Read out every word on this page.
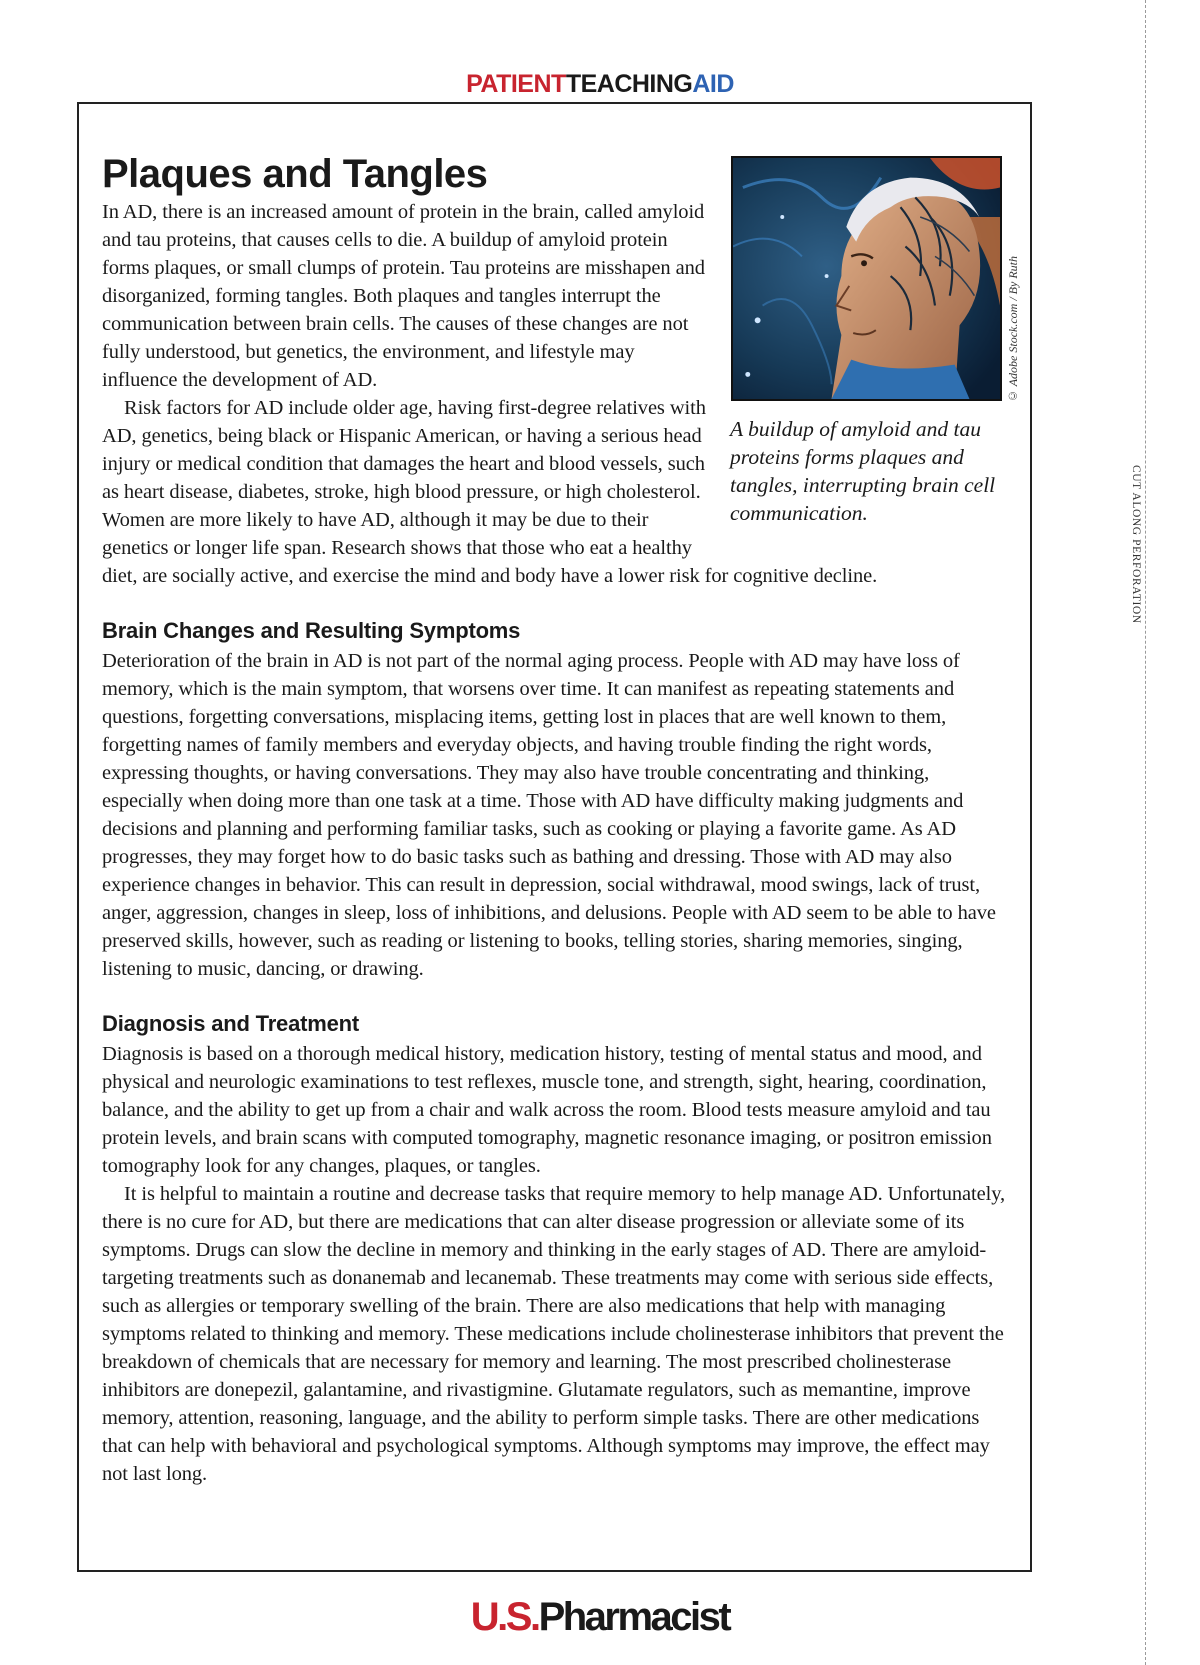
PATIENTTEACHINGAID
CUT ALONG PERFORATION
© Adobe Stock.com / By Ruth
A buildup of amyloid and tau proteins forms plaques and tangles, interrupting brain cell communication.
Plaques and Tangles

In AD, there is an increased amount of protein in the brain, called amyloid and tau proteins, that causes cells to die. A buildup of amyloid protein forms plaques, or small clumps of protein. Tau proteins are misshapen and disorganized, forming tangles. Both plaques and tangles interrupt the communication between brain cells. The causes of these changes are not fully understood, but genetics, the environment, and lifestyle may influence the development of AD.

Risk factors for AD include older age, having first-degree relatives with AD, genetics, being black or Hispanic American, or having a serious head injury or medical condition that damages the heart and blood vessels, such as heart disease, diabetes, stroke, high blood pressure, or high cholesterol. Women are more likely to have AD, although it may be due to their genetics or longer life span. Research shows that those who eat a healthy diet, are socially active, and exercise the mind and body have a lower risk for cognitive decline.

Brain Changes and Resulting Symptoms

Deterioration of the brain in AD is not part of the normal aging process. People with AD may have loss of memory, which is the main symptom, that worsens over time. It can manifest as repeating statements and questions, forgetting conversations, misplacing items, getting lost in places that are well known to them, forgetting names of family members and everyday objects, and having trouble finding the right words, expressing thoughts, or having conversations. They may also have trouble concentrating and thinking, especially when doing more than one task at a time. Those with AD have difficulty making judgments and decisions and planning and performing familiar tasks, such as cooking or playing a favorite game. As AD progresses, they may forget how to do basic tasks such as bathing and dressing. Those with AD may also experience changes in behavior. This can result in depression, social withdrawal, mood swings, lack of trust, anger, aggression, changes in sleep, loss of inhibitions, and delusions. People with AD seem to be able to have preserved skills, however, such as reading or listening to books, telling stories, sharing memories, singing, listening to music, dancing, or drawing.

Diagnosis and Treatment

Diagnosis is based on a thorough medical history, medication history, testing of mental status and mood, and physical and neurologic examinations to test reflexes, muscle tone, and strength, sight, hearing, coordination, balance, and the ability to get up from a chair and walk across the room. Blood tests measure amyloid and tau protein levels, and brain scans with computed tomography, magnetic resonance imaging, or positron emission tomography look for any changes, plaques, or tangles.

It is helpful to maintain a routine and decrease tasks that require memory to help manage AD. Unfortunately, there is no cure for AD, but there are medications that can alter disease progression or alleviate some of its symptoms. Drugs can slow the decline in memory and thinking in the early stages of AD. There are amyloid-targeting treatments such as donanemab and lecanemab. These treatments may come with serious side effects, such as allergies or temporary swelling of the brain. There are also medications that help with managing symptoms related to thinking and memory. These medications include cholinesterase inhibitors that prevent the breakdown of chemicals that are necessary for memory and learning. The most prescribed cholinesterase inhibitors are donepezil, galantamine, and rivastigmine. Glutamate regulators, such as memantine, improve memory, attention, reasoning, language, and the ability to perform simple tasks. There are other medications that can help with behavioral and psychological symptoms. Although symptoms may improve, the effect may not last long.

U.S.Pharmacist
